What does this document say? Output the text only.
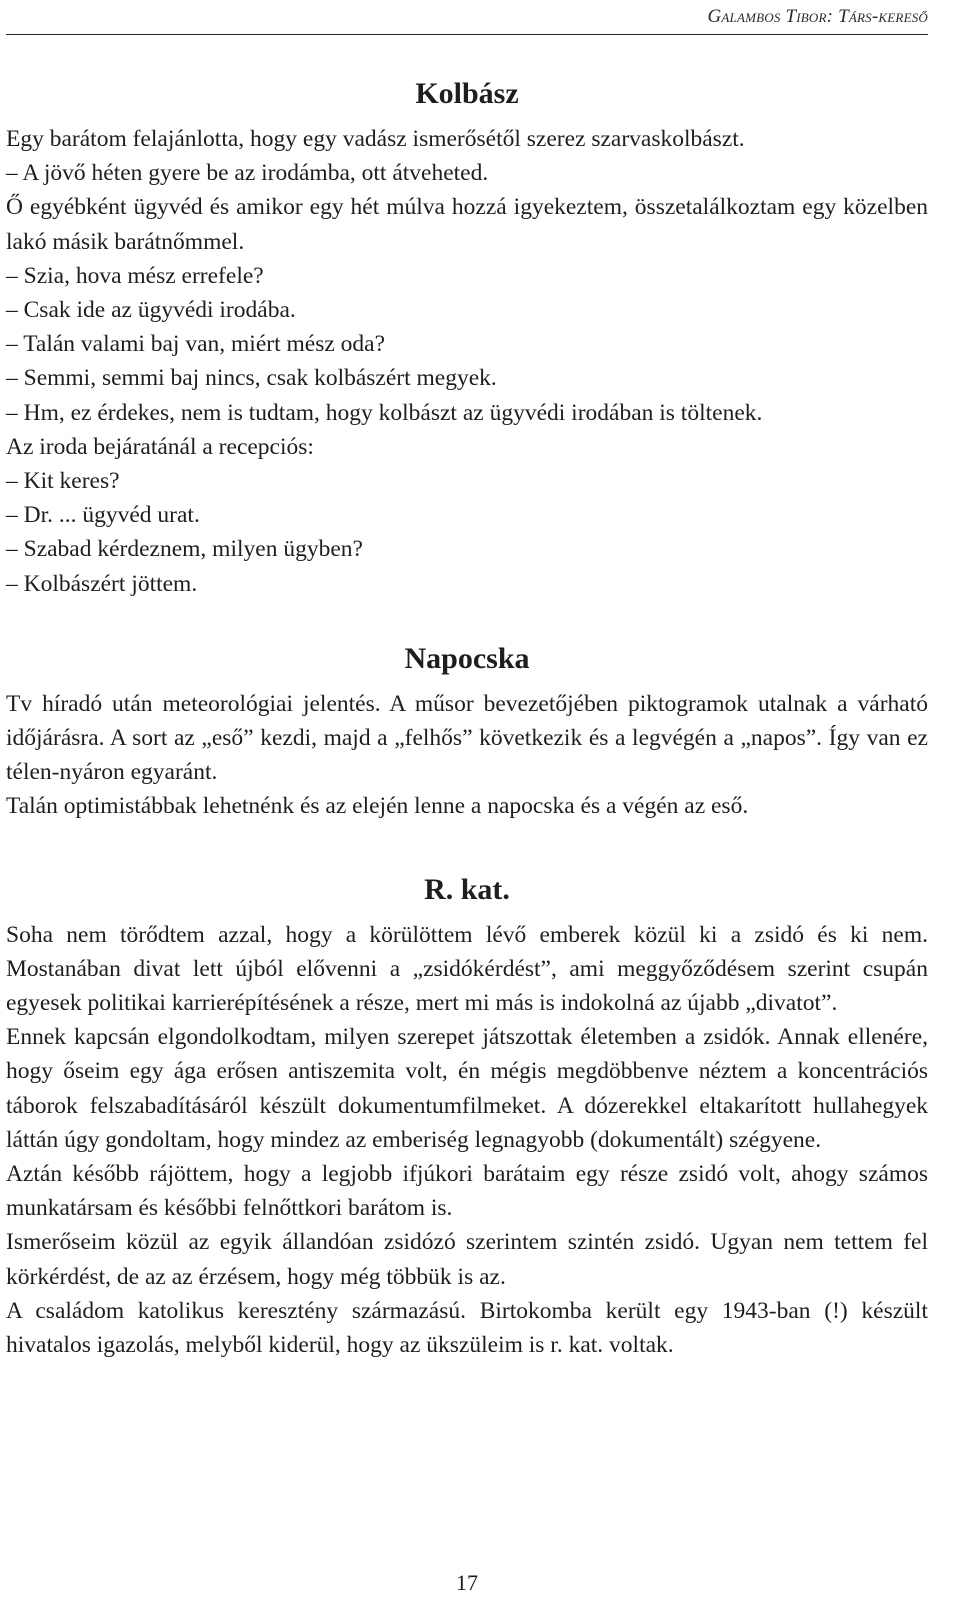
Galambos Tibor: Társ-kereső
Kolbász

Egy barátom felajánlotta, hogy egy vadász ismerősétől szerez szarvaskolbászt.

– A jövő héten gyere be az irodámba, ott átveheted.

Ő egyébként ügyvéd és amikor egy hét múlva hozzá igyekeztem, összetalálkoztam egy közelben lakó másik barátnőmmel.

– Szia, hova mész errefele?

– Csak ide az ügyvédi irodába.

– Talán valami baj van, miért mész oda?

– Semmi, semmi baj nincs, csak kolbászért megyek.

– Hm, ez érdekes, nem is tudtam, hogy kolbászt az ügyvédi irodában is töltenek.

Az iroda bejáratánál a recepciós:

– Kit keres?

– Dr. ... ügyvéd urat.

– Szabad kérdeznem, milyen ügyben?

– Kolbászért jöttem.

Napocska

Tv híradó után meteorológiai jelentés. A műsor bevezetőjében piktogramok utalnak a várható időjárásra. A sort az „eső” kezdi, majd a „felhős” következik és a legvégén a „napos”. Így van ez télen-nyáron egyaránt.

Talán optimistábbak lehetnénk és az elején lenne a napocska és a végén az eső.

R. kat.

Soha nem törődtem azzal, hogy a körülöttem lévő emberek közül ki a zsidó és ki nem. Mostanában divat lett újból elővenni a „zsidókérdést”, ami meggyőződésem szerint csupán egyesek politikai karrierépítésének a része, mert mi más is indokolná az újabb „divatot”.

Ennek kapcsán elgondolkodtam, milyen szerepet játszottak életemben a zsidók. Annak ellenére, hogy őseim egy ága erősen antiszemita volt, én mégis megdöbbenve néztem a koncentrációs táborok felszabadításáról készült dokumentumfilmeket. A dózerekkel eltakarított hullahegyek láttán úgy gondoltam, hogy mindez az emberiség legnagyobb (dokumentált) szégyene.

Aztán később rájöttem, hogy a legjobb ifjúkori barátaim egy része zsidó volt, ahogy számos munkatársam és későbbi felnőttkori barátom is.

Ismerőseim közül az egyik állandóan zsidózó szerintem szintén zsidó. Ugyan nem tettem fel körkérdést, de az az érzésem, hogy még többük is az.

A családom katolikus keresztény származású. Birtokomba került egy 1943-ban (!) készült hivatalos igazolás, melyből kiderül, hogy az ükszüleim is r. kat. voltak.

17
